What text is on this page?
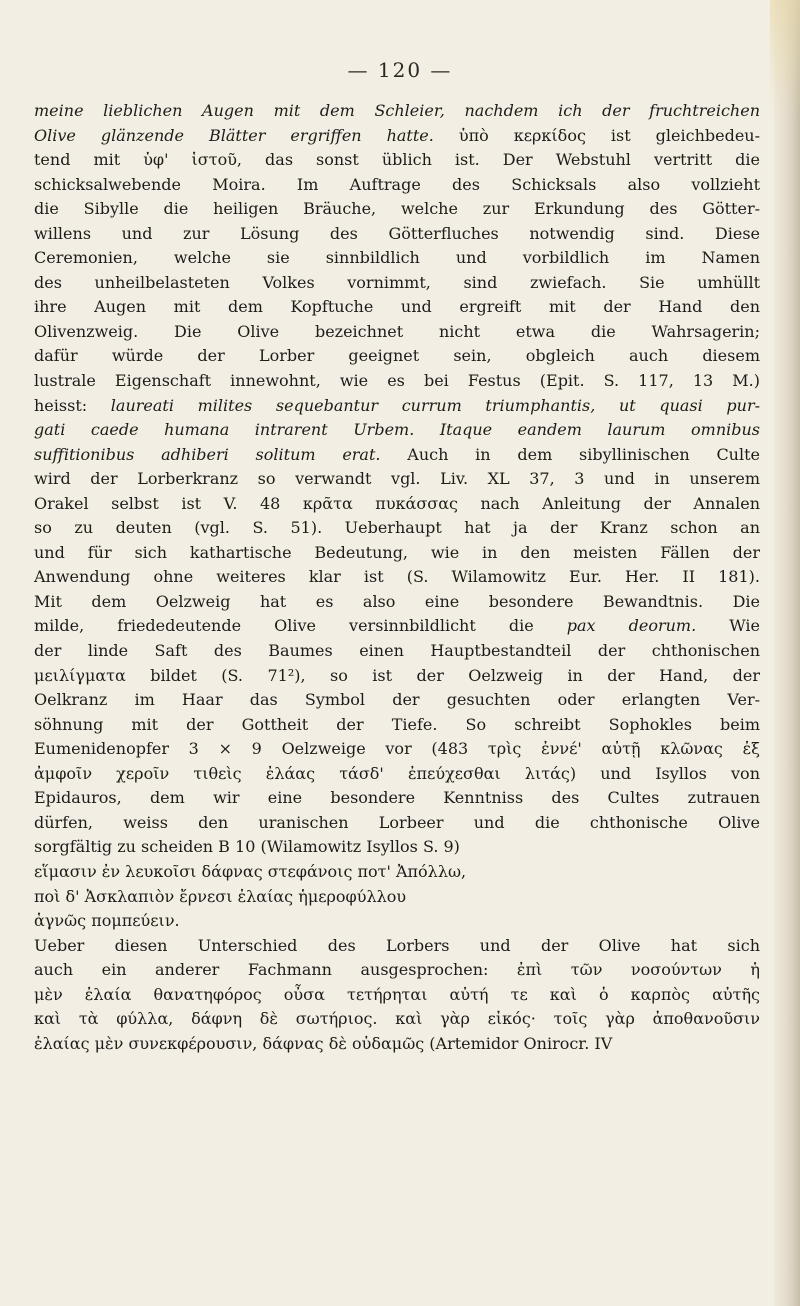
— 120 —
meine lieblichen Augen mit dem Schleier, nachdem ich der fruchtreichen
Olive glänzende Blätter ergriffen hatte. ὑπὸ κερκίδος ist gleichbedeu-
tend mit ὑφ' ἱστοῦ, das sonst üblich ist. Der Webstuhl vertritt die
schicksalwebende Moira. Im Auftrage des Schicksals also vollzieht
die Sibylle die heiligen Bräuche, welche zur Erkundung des Götter-
willens und zur Lösung des Götterfluches notwendig sind. Diese
Ceremonien, welche sie sinnbildlich und vorbildlich im Namen
des unheilbelasteten Volkes vornimmt, sind zwiefach. Sie umhüllt
ihre Augen mit dem Kopftuche und ergreift mit der Hand den
Olivenzweig. Die Olive bezeichnet nicht etwa die Wahrsagerin;
dafür würde der Lorber geeignet sein, obgleich auch diesem
lustrale Eigenschaft innewohnt, wie es bei Festus (Epit. S. 117, 13 M.)
heisst: laureati milites sequebantur currum triumphantis, ut quasi pur-
gati caede humana intrarent Urbem. Itaque eandem laurum omnibus
suffitionibus adhiberi solitum erat. Auch in dem sibyllinischen Culte
wird der Lorberkranz so verwandt vgl. Liv. XL 37, 3 und in unserem
Orakel selbst ist V. 48 κρᾶτα πυκάσσας nach Anleitung der Annalen
so zu deuten (vgl. S. 51). Ueberhaupt hat ja der Kranz schon an
und für sich kathartische Bedeutung, wie in den meisten Fällen der
Anwendung ohne weiteres klar ist (S. Wilamowitz Eur. Her. II 181).
Mit dem Oelzweig hat es also eine besondere Bewandtnis. Die
milde, friededeutende Olive versinnbildlicht die pax deorum. Wie
der linde Saft des Baumes einen Hauptbestandteil der chthonischen
μειλίγματα bildet (S. 71²), so ist der Oelzweig in der Hand, der
Oelkranz im Haar das Symbol der gesuchten oder erlangten Ver-
söhnung mit der Gottheit der Tiefe. So schreibt Sophokles beim
Eumenidenopfer 3 × 9 Oelzweige vor (483 τρὶς ἐννέ' αὐτῇ κλῶνας ἐξ
ἀμφοῖν χεροῖν τιθεὶς ἐλάας τάσδ' ἐπεύχεσθαι λιτάς) und Isyllos von
Epidauros, dem wir eine besondere Kenntniss des Cultes zutrauen
dürfen, weiss den uranischen Lorbeer und die chthonische Olive
sorgfältig zu scheiden B 10 (Wilamowitz Isyllos S. 9)
εἵμασιν ἐν λευκοῖσι δάφνας στεφάνοις ποτ' Ἀπόλλω,
ποὶ δ' Ἀσκλαπιὸν ἔρνεσι ἐλαίας ἡμεροφύλλου
ἁγνῶς πομπεύειν.
Ueber diesen Unterschied des Lorbers und der Olive hat sich
auch ein anderer Fachmann ausgesprochen: ἐπὶ τῶν νοσούντων ἡ
μὲν ἐλαία θανατηφόρος οὖσα τετήρηται αὐτή τε καὶ ὁ καρπὸς αὐτῆς
καὶ τὰ φύλλα, δάφνη δὲ σωτήριος. καὶ γὰρ εἰκός· τοῖς γὰρ ἀποθανοῦσιν
ἐλαίας μὲν συνεκφέρουσιν, δάφνας δὲ οὐδαμῶς (Artemidor Onirocr. IV
